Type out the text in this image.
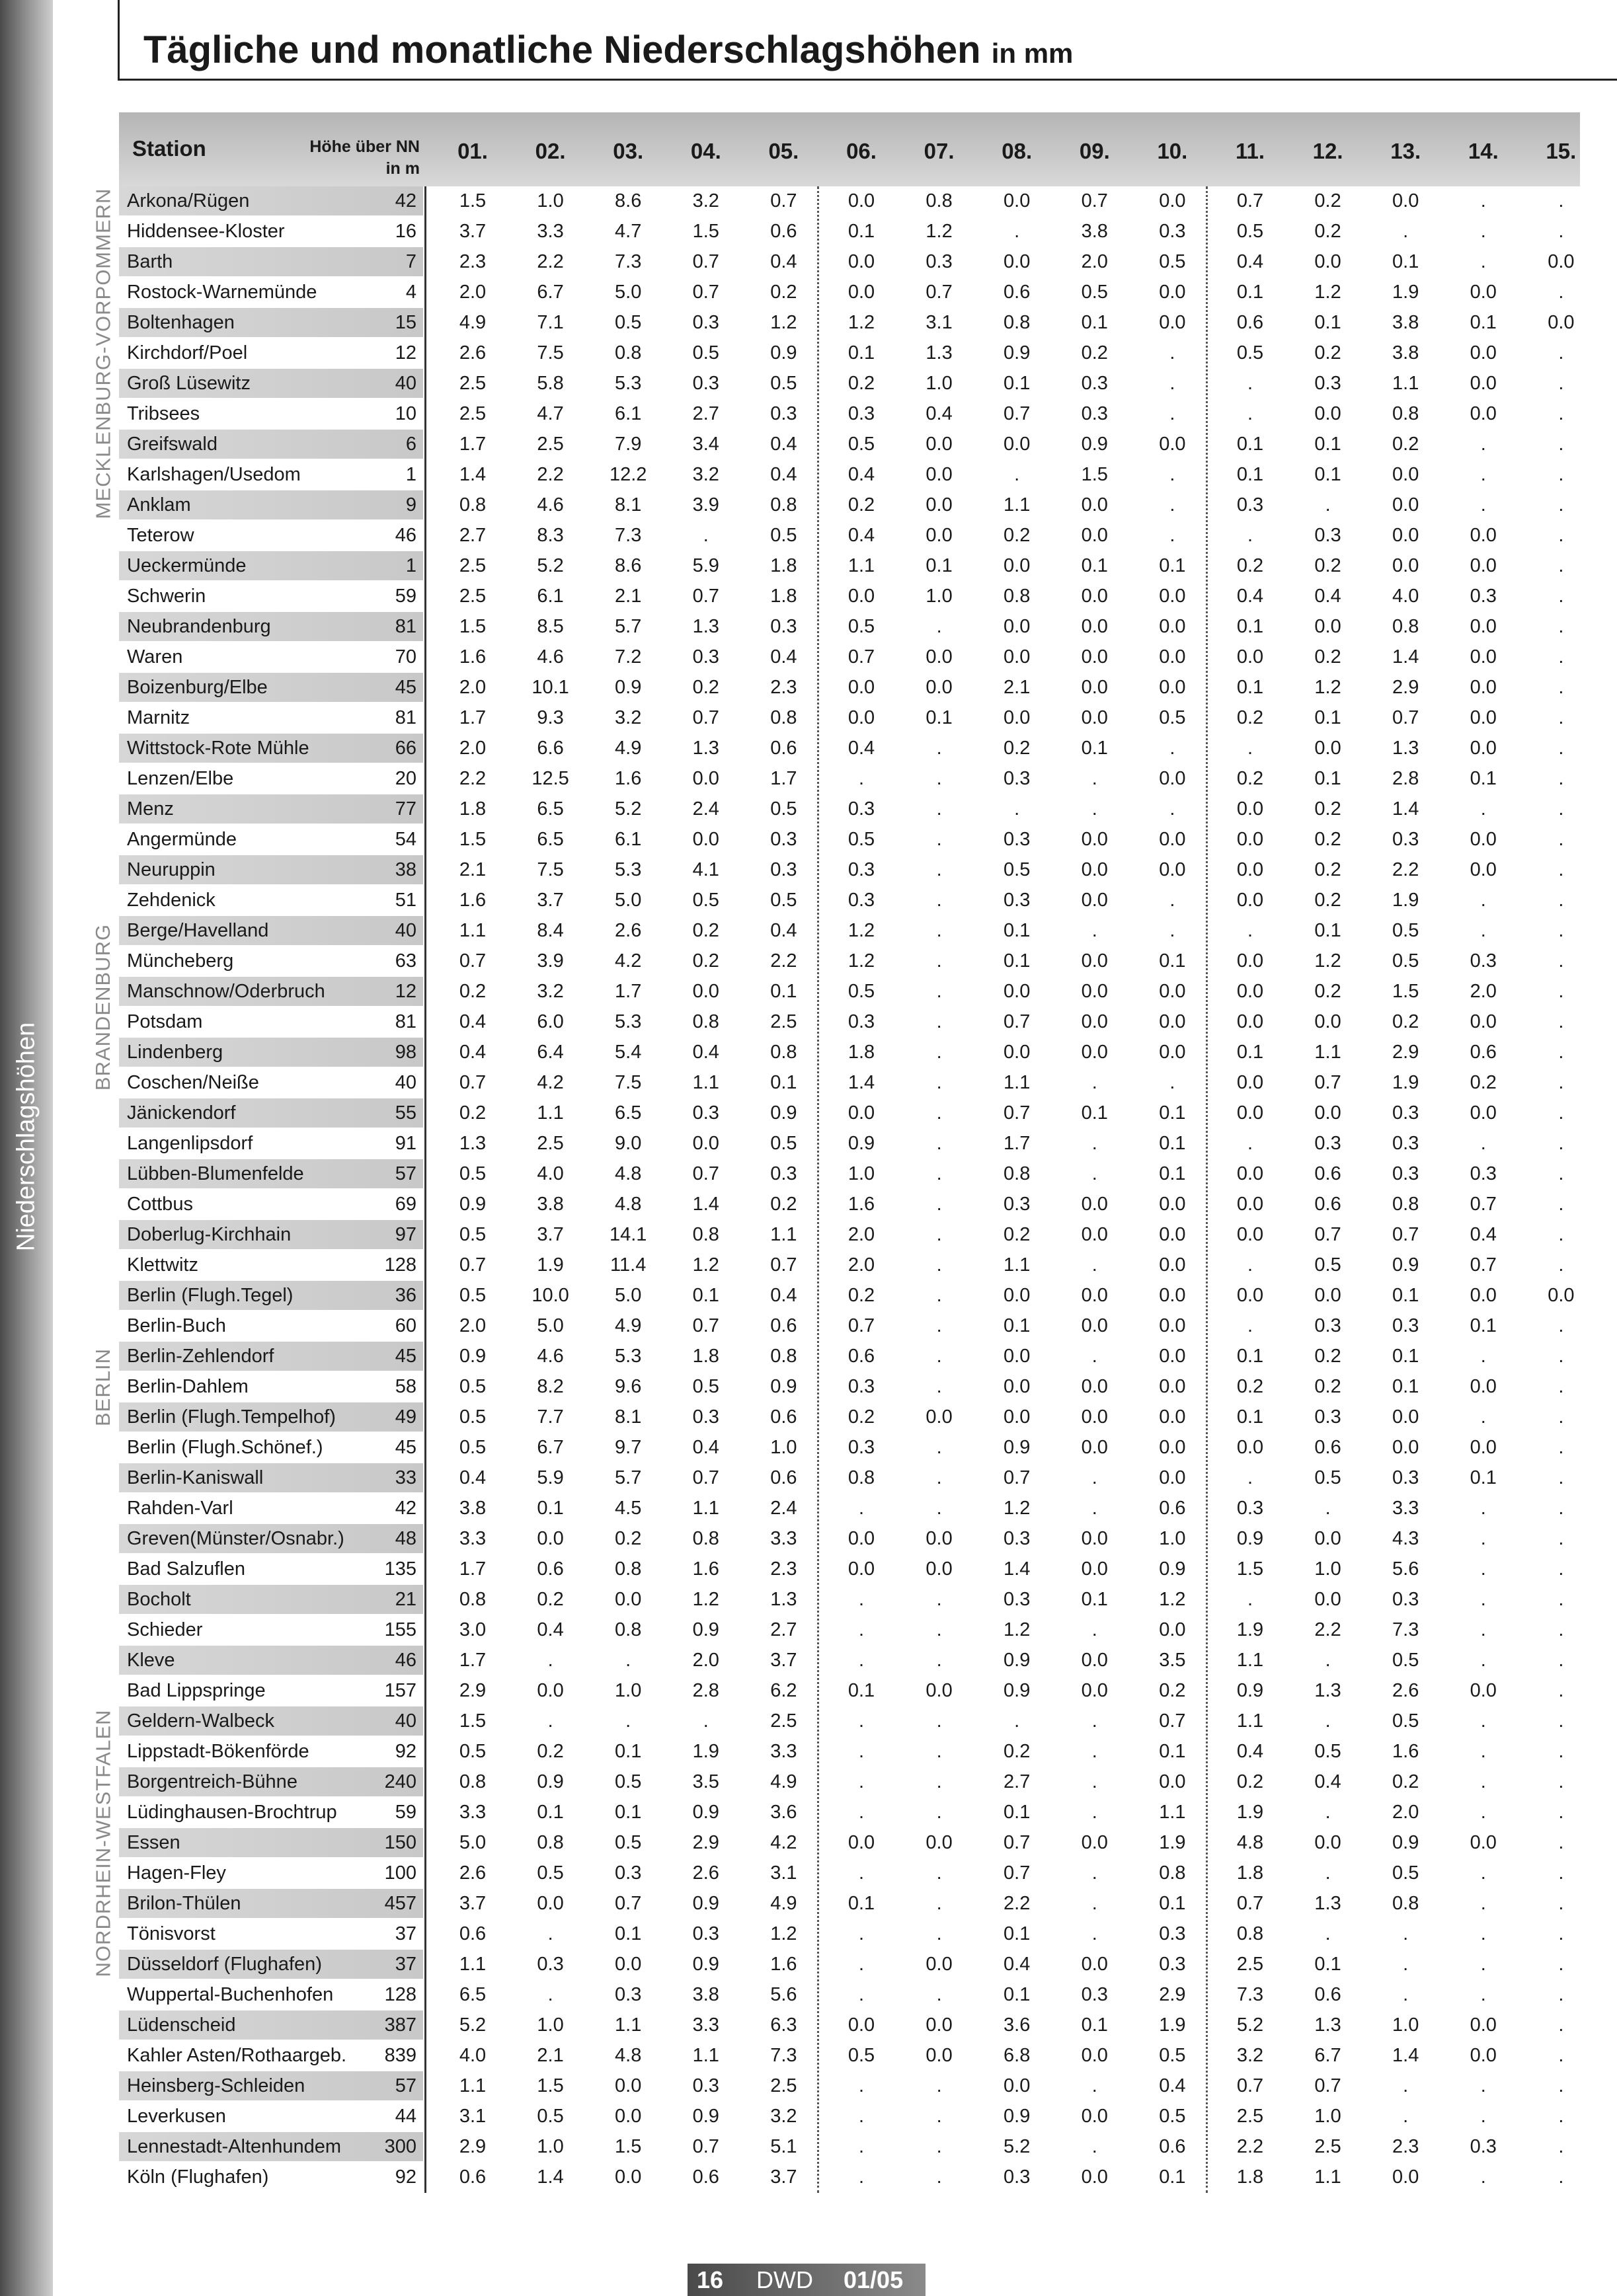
Niederschlagshöhen
Tägliche und monatliche Niederschlagshöhen in mm
Station	Höhe über NN
in m
01.	02.	03.	04.	05.	06.	07.	08.	09.	10.	11.	12.	13.	14.	15.
Arkona/Rügen	42	1.5	1.0	8.6	3.2	0.7	0.0	0.8	0.0	0.7	0.0	0.7	0.2	0.0	.	.
Hiddensee-Kloster	16	3.7	3.3	4.7	1.5	0.6	0.1	1.2	.	3.8	0.3	0.5	0.2	.	.	.
Barth	7	2.3	2.2	7.3	0.7	0.4	0.0	0.3	0.0	2.0	0.5	0.4	0.0	0.1	.	0.0
Rostock-Warnemünde	4	2.0	6.7	5.0	0.7	0.2	0.0	0.7	0.6	0.5	0.0	0.1	1.2	1.9	0.0	.
Boltenhagen	15	4.9	7.1	0.5	0.3	1.2	1.2	3.1	0.8	0.1	0.0	0.6	0.1	3.8	0.1	0.0
Kirchdorf/Poel	12	2.6	7.5	0.8	0.5	0.9	0.1	1.3	0.9	0.2	.	0.5	0.2	3.8	0.0	.
Groß Lüsewitz	40	2.5	5.8	5.3	0.3	0.5	0.2	1.0	0.1	0.3	.	.	0.3	1.1	0.0	.
Tribsees	10	2.5	4.7	6.1	2.7	0.3	0.3	0.4	0.7	0.3	.	.	0.0	0.8	0.0	.
Greifswald	6	1.7	2.5	7.9	3.4	0.4	0.5	0.0	0.0	0.9	0.0	0.1	0.1	0.2	.	.
Karlshagen/Usedom	1	1.4	2.2	12.2	3.2	0.4	0.4	0.0	.	1.5	.	0.1	0.1	0.0	.	.
Anklam	9	0.8	4.6	8.1	3.9	0.8	0.2	0.0	1.1	0.0	.	0.3	.	0.0	.	.
Teterow	46	2.7	8.3	7.3	.	0.5	0.4	0.0	0.2	0.0	.	.	0.3	0.0	0.0	.
Ueckermünde	1	2.5	5.2	8.6	5.9	1.8	1.1	0.1	0.0	0.1	0.1	0.2	0.2	0.0	0.0	.
Schwerin	59	2.5	6.1	2.1	0.7	1.8	0.0	1.0	0.8	0.0	0.0	0.4	0.4	4.0	0.3	.
Neubrandenburg	81	1.5	8.5	5.7	1.3	0.3	0.5	.	0.0	0.0	0.0	0.1	0.0	0.8	0.0	.
Waren	70	1.6	4.6	7.2	0.3	0.4	0.7	0.0	0.0	0.0	0.0	0.0	0.2	1.4	0.0	.
Boizenburg/Elbe	45	2.0	10.1	0.9	0.2	2.3	0.0	0.0	2.1	0.0	0.0	0.1	1.2	2.9	0.0	.
Marnitz	81	1.7	9.3	3.2	0.7	0.8	0.0	0.1	0.0	0.0	0.5	0.2	0.1	0.7	0.0	.
Wittstock-Rote Mühle	66	2.0	6.6	4.9	1.3	0.6	0.4	.	0.2	0.1	.	.	0.0	1.3	0.0	.
Lenzen/Elbe	20	2.2	12.5	1.6	0.0	1.7	.	.	0.3	.	0.0	0.2	0.1	2.8	0.1	.
Menz	77	1.8	6.5	5.2	2.4	0.5	0.3	.	.	.	.	0.0	0.2	1.4	.	.
Angermünde	54	1.5	6.5	6.1	0.0	0.3	0.5	.	0.3	0.0	0.0	0.0	0.2	0.3	0.0	.
Neuruppin	38	2.1	7.5	5.3	4.1	0.3	0.3	.	0.5	0.0	0.0	0.0	0.2	2.2	0.0	.
Zehdenick	51	1.6	3.7	5.0	0.5	0.5	0.3	.	0.3	0.0	.	0.0	0.2	1.9	.	.
Berge/Havelland	40	1.1	8.4	2.6	0.2	0.4	1.2	.	0.1	.	.	.	0.1	0.5	.	.
Müncheberg	63	0.7	3.9	4.2	0.2	2.2	1.2	.	0.1	0.0	0.1	0.0	1.2	0.5	0.3	.
Manschnow/Oderbruch	12	0.2	3.2	1.7	0.0	0.1	0.5	.	0.0	0.0	0.0	0.0	0.2	1.5	2.0	.
Potsdam	81	0.4	6.0	5.3	0.8	2.5	0.3	.	0.7	0.0	0.0	0.0	0.0	0.2	0.0	.
Lindenberg	98	0.4	6.4	5.4	0.4	0.8	1.8	.	0.0	0.0	0.0	0.1	1.1	2.9	0.6	.
Coschen/Neiße	40	0.7	4.2	7.5	1.1	0.1	1.4	.	1.1	.	.	0.0	0.7	1.9	0.2	.
Jänickendorf	55	0.2	1.1	6.5	0.3	0.9	0.0	.	0.7	0.1	0.1	0.0	0.0	0.3	0.0	.
Langenlipsdorf	91	1.3	2.5	9.0	0.0	0.5	0.9	.	1.7	.	0.1	.	0.3	0.3	.	.
Lübben-Blumenfelde	57	0.5	4.0	4.8	0.7	0.3	1.0	.	0.8	.	0.1	0.0	0.6	0.3	0.3	.
Cottbus	69	0.9	3.8	4.8	1.4	0.2	1.6	.	0.3	0.0	0.0	0.0	0.6	0.8	0.7	.
Doberlug-Kirchhain	97	0.5	3.7	14.1	0.8	1.1	2.0	.	0.2	0.0	0.0	0.0	0.7	0.7	0.4	.
Klettwitz	128	0.7	1.9	11.4	1.2	0.7	2.0	.	1.1	.	0.0	.	0.5	0.9	0.7	.
Berlin (Flugh.Tegel)	36	0.5	10.0	5.0	0.1	0.4	0.2	.	0.0	0.0	0.0	0.0	0.0	0.1	0.0	0.0
Berlin-Buch	60	2.0	5.0	4.9	0.7	0.6	0.7	.	0.1	0.0	0.0	.	0.3	0.3	0.1	.
Berlin-Zehlendorf	45	0.9	4.6	5.3	1.8	0.8	0.6	.	0.0	.	0.0	0.1	0.2	0.1	.	.
Berlin-Dahlem	58	0.5	8.2	9.6	0.5	0.9	0.3	.	0.0	0.0	0.0	0.2	0.2	0.1	0.0	.
Berlin (Flugh.Tempelhof)	49	0.5	7.7	8.1	0.3	0.6	0.2	0.0	0.0	0.0	0.0	0.1	0.3	0.0	.	.
Berlin (Flugh.Schönef.)	45	0.5	6.7	9.7	0.4	1.0	0.3	.	0.9	0.0	0.0	0.0	0.6	0.0	0.0	.
Berlin-Kaniswall	33	0.4	5.9	5.7	0.7	0.6	0.8	.	0.7	.	0.0	.	0.5	0.3	0.1	.
Rahden-Varl	42	3.8	0.1	4.5	1.1	2.4	.	.	1.2	.	0.6	0.3	.	3.3	.	.
Greven(Münster/Osnabr.)	48	3.3	0.0	0.2	0.8	3.3	0.0	0.0	0.3	0.0	1.0	0.9	0.0	4.3	.	.
Bad Salzuflen	135	1.7	0.6	0.8	1.6	2.3	0.0	0.0	1.4	0.0	0.9	1.5	1.0	5.6	.	.
Bocholt	21	0.8	0.2	0.0	1.2	1.3	.	.	0.3	0.1	1.2	.	0.0	0.3	.	.
Schieder	155	3.0	0.4	0.8	0.9	2.7	.	.	1.2	.	0.0	1.9	2.2	7.3	.	.
Kleve	46	1.7	.	.	2.0	3.7	.	.	0.9	0.0	3.5	1.1	.	0.5	.	.
Bad Lippspringe	157	2.9	0.0	1.0	2.8	6.2	0.1	0.0	0.9	0.0	0.2	0.9	1.3	2.6	0.0	.
Geldern-Walbeck	40	1.5	.	.	.	2.5	.	.	.	.	0.7	1.1	.	0.5	.	.
Lippstadt-Bökenförde	92	0.5	0.2	0.1	1.9	3.3	.	.	0.2	.	0.1	0.4	0.5	1.6	.	.
Borgentreich-Bühne	240	0.8	0.9	0.5	3.5	4.9	.	.	2.7	.	0.0	0.2	0.4	0.2	.	.
Lüdinghausen-Brochtrup	59	3.3	0.1	0.1	0.9	3.6	.	.	0.1	.	1.1	1.9	.	2.0	.	.
Essen	150	5.0	0.8	0.5	2.9	4.2	0.0	0.0	0.7	0.0	1.9	4.8	0.0	0.9	0.0	.
Hagen-Fley	100	2.6	0.5	0.3	2.6	3.1	.	.	0.7	.	0.8	1.8	.	0.5	.	.
Brilon-Thülen	457	3.7	0.0	0.7	0.9	4.9	0.1	.	2.2	.	0.1	0.7	1.3	0.8	.	.
Tönisvorst	37	0.6	.	0.1	0.3	1.2	.	.	0.1	.	0.3	0.8	.	.	.	.
Düsseldorf (Flughafen)	37	1.1	0.3	0.0	0.9	1.6	.	0.0	0.4	0.0	0.3	2.5	0.1	.	.	.
Wuppertal-Buchenhofen	128	6.5	.	0.3	3.8	5.6	.	.	0.1	0.3	2.9	7.3	0.6	.	.	.
Lüdenscheid	387	5.2	1.0	1.1	3.3	6.3	0.0	0.0	3.6	0.1	1.9	5.2	1.3	1.0	0.0	.
Kahler Asten/Rothaargeb. 839	4.0	2.1	4.8	1.1	7.3	0.5	0.0	6.8	0.0	0.5	3.2	6.7	1.4	0.0	.
Heinsberg-Schleiden	57	1.1	1.5	0.0	0.3	2.5	.	.	0.0	.	0.4	0.7	0.7	.	.	.
Leverkusen	44	3.1	0.5	0.0	0.9	3.2	.	.	0.9	0.0	0.5	2.5	1.0	.	.	.
Lennestadt-Altenhundem 300	2.9	1.0	1.5	0.7	5.1	.	.	5.2	.	0.6	2.2	2.5	2.3	0.3	.
Köln (Flughafen)	92	0.6	1.4	0.0	0.6	3.7	.	.	0.3	0.0	0.1	1.8	1.1	0.0	.	.
MECKLENBURG-VORPOMMERN
BRANDENBURG
BERLIN
NORDRHEIN-WESTFALEN
16 DWD 01/05
